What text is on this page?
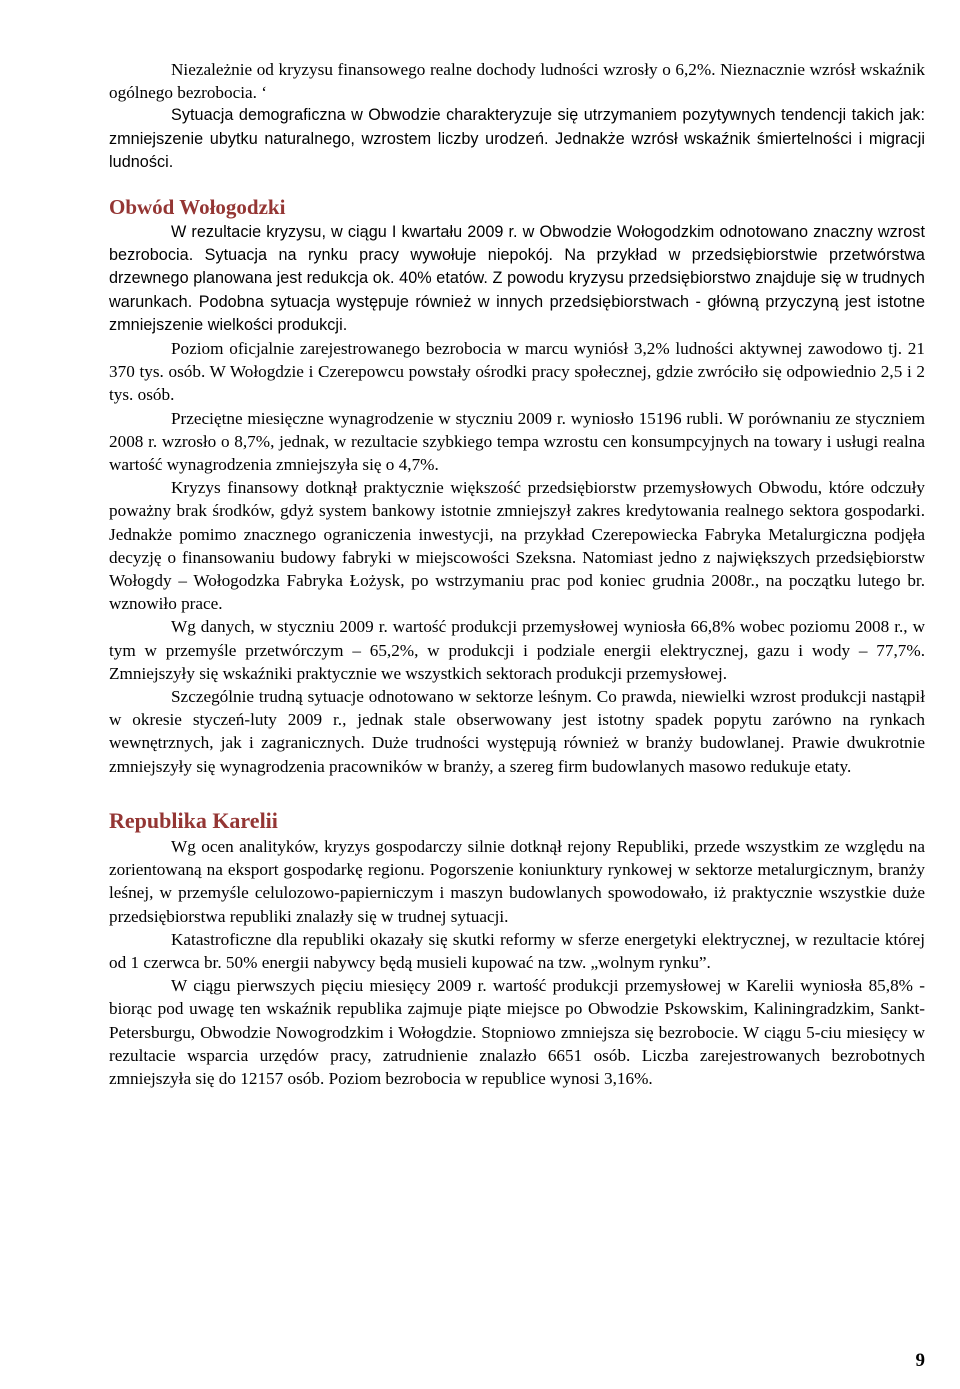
Niezależnie od kryzysu finansowego realne dochody ludności wzrosły o 6,2%. Nieznacznie wzrósł wskaźnik ogólnego bezrobocia. ‘

Sytuacja demograficzna w Obwodzie charakteryzuje się utrzymaniem pozytywnych tendencji takich jak: zmniejszenie ubytku naturalnego, wzrostem liczby urodzeń. Jednakże wzrósł wskaźnik śmiertelności i migracji ludności.

Obwód Wołogodzki

W rezultacie kryzysu, w ciągu I kwartału 2009 r. w Obwodzie Wołogodzkim odnotowano znaczny wzrost bezrobocia. Sytuacja na rynku pracy wywołuje niepokój. Na przykład w przedsiębiorstwie przetwórstwa drzewnego planowana jest redukcja ok. 40% etatów. Z powodu kryzysu przedsiębiorstwo znajduje się w trudnych warunkach. Podobna sytuacja występuje również w innych przedsiębiorstwach - główną przyczyną jest istotne zmniejszenie wielkości produkcji.

Poziom oficjalnie zarejestrowanego bezrobocia w marcu wyniósł 3,2% ludności aktywnej zawodowo tj. 21 370 tys. osób. W Wołogdzie i Czerepowcu powstały ośrodki pracy społecznej, gdzie zwróciło się odpowiednio 2,5 i 2 tys. osób.

Przeciętne miesięczne wynagrodzenie w styczniu 2009 r. wyniosło 15196 rubli. W porównaniu ze styczniem 2008 r. wzrosło o 8,7%, jednak, w rezultacie szybkiego tempa wzrostu cen konsumpcyjnych na towary i usługi realna wartość wynagrodzenia zmniejszyła się o 4,7%.

Kryzys finansowy dotknął praktycznie większość przedsiębiorstw przemysłowych Obwodu, które odczuły poważny brak środków, gdyż system bankowy istotnie zmniejszył zakres kredytowania realnego sektora gospodarki. Jednakże pomimo znacznego ograniczenia inwestycji, na przykład Czerepowiecka Fabryka Metalurgiczna podjęła decyzję o finansowaniu budowy fabryki w miejscowości Szeksna. Natomiast jedno z największych przedsiębiorstw Wołogdy – Wołogodzka Fabryka Łożysk, po wstrzymaniu prac pod koniec grudnia 2008r., na początku lutego br. wznowiło prace.

Wg danych, w styczniu 2009 r. wartość produkcji przemysłowej wyniosła 66,8% wobec poziomu 2008 r., w tym w przemyśle przetwórczym – 65,2%, w produkcji i podziale energii elektrycznej, gazu i wody – 77,7%. Zmniejszyły się wskaźniki praktycznie we wszystkich sektorach produkcji przemysłowej.

Szczególnie trudną sytuacje odnotowano w sektorze leśnym. Co prawda, niewielki wzrost produkcji nastąpił w okresie styczeń-luty 2009 r., jednak stale obserwowany jest istotny spadek popytu zarówno na rynkach wewnętrznych, jak i zagranicznych. Duże trudności występują również w branży budowlanej. Prawie dwukrotnie zmniejszyły się wynagrodzenia pracowników w branży, a szereg firm budowlanych masowo redukuje etaty.

Republika Karelii

Wg ocen analityków, kryzys gospodarczy silnie dotknął rejony Republiki, przede wszystkim ze względu na zorientowaną na eksport gospodarkę regionu. Pogorszenie koniunktury rynkowej w sektorze metalurgicznym, branży leśnej, w przemyśle celulozowo-papierniczym i maszyn budowlanych spowodowało, iż praktycznie wszystkie duże przedsiębiorstwa republiki znalazły się w trudnej sytuacji.

Katastroficzne dla republiki okazały się skutki reformy w sferze energetyki elektrycznej, w rezultacie której od 1 czerwca br. 50% energii nabywcy będą musieli kupować na tzw. „wolnym rynku”.

W ciągu pierwszych pięciu miesięcy 2009 r. wartość produkcji przemysłowej w Karelii wyniosła 85,8% - biorąc pod uwagę ten wskaźnik republika zajmuje piąte miejsce po Obwodzie Pskowskim, Kaliningradzkim, Sankt-Petersburgu, Obwodzie Nowogrodzkim i Wołogdzie. Stopniowo zmniejsza się bezrobocie. W ciągu 5-ciu miesięcy w rezultacie wsparcia urzędów pracy, zatrudnienie znalazło 6651 osób. Liczba zarejestrowanych bezrobotnych zmniejszyła się do 12157 osób. Poziom bezrobocia w republice wynosi 3,16%.

9
